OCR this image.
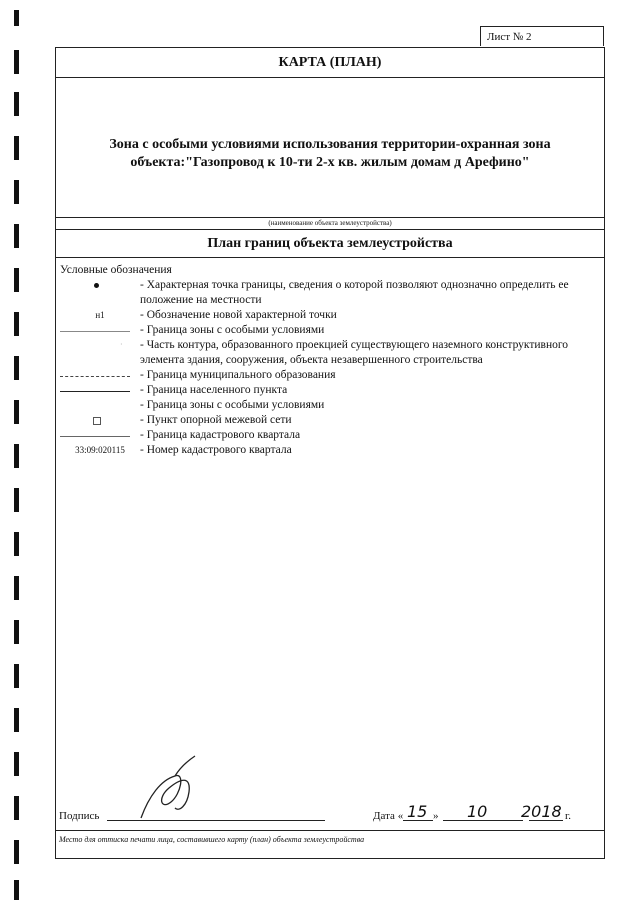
Лист № 2
КАРТА (ПЛАН)
Зона с особыми условиями использования территории-охранная зона объекта:"Газопровод к 10-ти 2-х кв. жилым домам д Арефино"
(наименование объекта землеустройства)
План границ объекта землеустройства
Условные обозначения
- Характерная точка границы, сведения о которой позволяют однозначно определить ее положение на местности
н1	- Обозначение новой характерной точки
- Граница зоны с особыми условиями
· - Часть контура, образованного проекцией существующего наземного конструктивного элемента здания, сооружения, объекта незавершенного строительства
- Граница муниципального образования
- Граница населенного пункта
- Граница зоны с особыми условиями
- Пункт опорной межевой сети
- Граница кадастрового квартала
33:09:020115	- Номер кадастрового квартала
Подпись	Дата « 15 » 10 2018 г.
Место для оттиска печати лица, составившего карту (план) объекта землеустройства
